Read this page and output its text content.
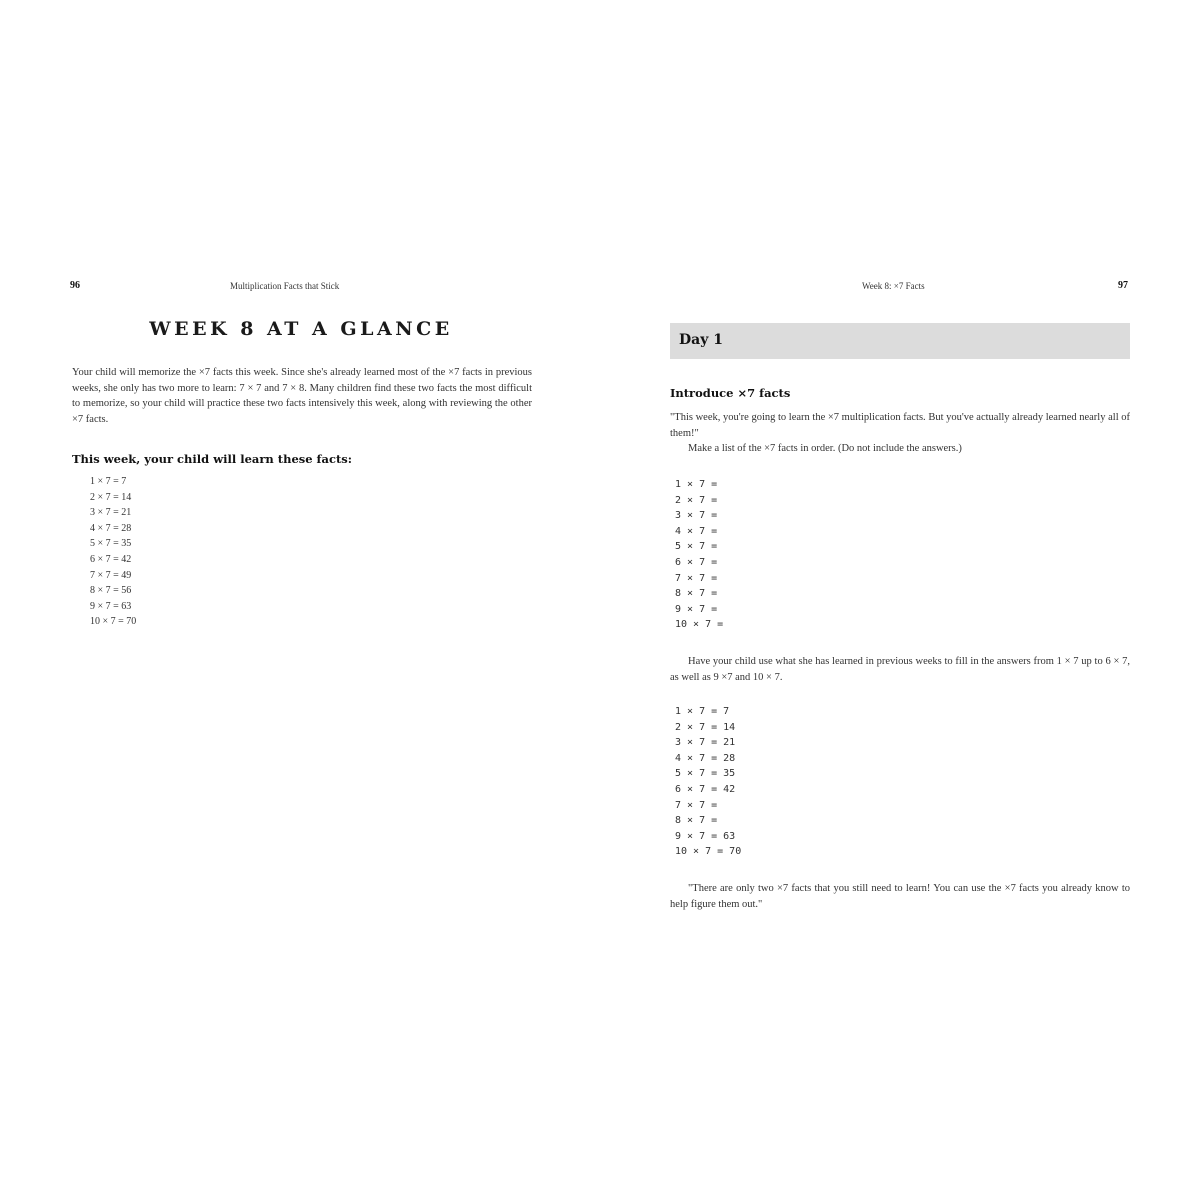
96	Multiplication Facts that Stick
WEEK 8 AT A GLANCE
Your child will memorize the ×7 facts this week. Since she's already learned most of the ×7 facts in previous weeks, she only has two more to learn: 7 × 7 and 7 × 8. Many children find these two facts the most difficult to memorize, so your child will practice these two facts intensively this week, along with reviewing the other ×7 facts.
This week, your child will learn these facts:
1 × 7 = 7
2 × 7 = 14
3 × 7 = 21
4 × 7 = 28
5 × 7 = 35
6 × 7 = 42
7 × 7 = 49
8 × 7 = 56
9 × 7 = 63
10 × 7 = 70
Week 8: ×7 Facts	97
Day 1
Introduce ×7 facts
"This week, you're going to learn the ×7 multiplication facts. But you've actually already learned nearly all of them!"
Make a list of the ×7 facts in order. (Do not include the answers.)
1 × 7 =
2 × 7 =
3 × 7 =
4 × 7 =
5 × 7 =
6 × 7 =
7 × 7 =
8 × 7 =
9 × 7 =
10 × 7 =
Have your child use what she has learned in previous weeks to fill in the answers from 1 × 7 up to 6 × 7, as well as 9 ×7 and 10 × 7.
1 × 7 = 7
2 × 7 = 14
3 × 7 = 21
4 × 7 = 28
5 × 7 = 35
6 × 7 = 42
7 × 7 =
8 × 7 =
9 × 7 = 63
10 × 7 = 70
"There are only two ×7 facts that you still need to learn! You can use the ×7 facts you already know to help figure them out."
